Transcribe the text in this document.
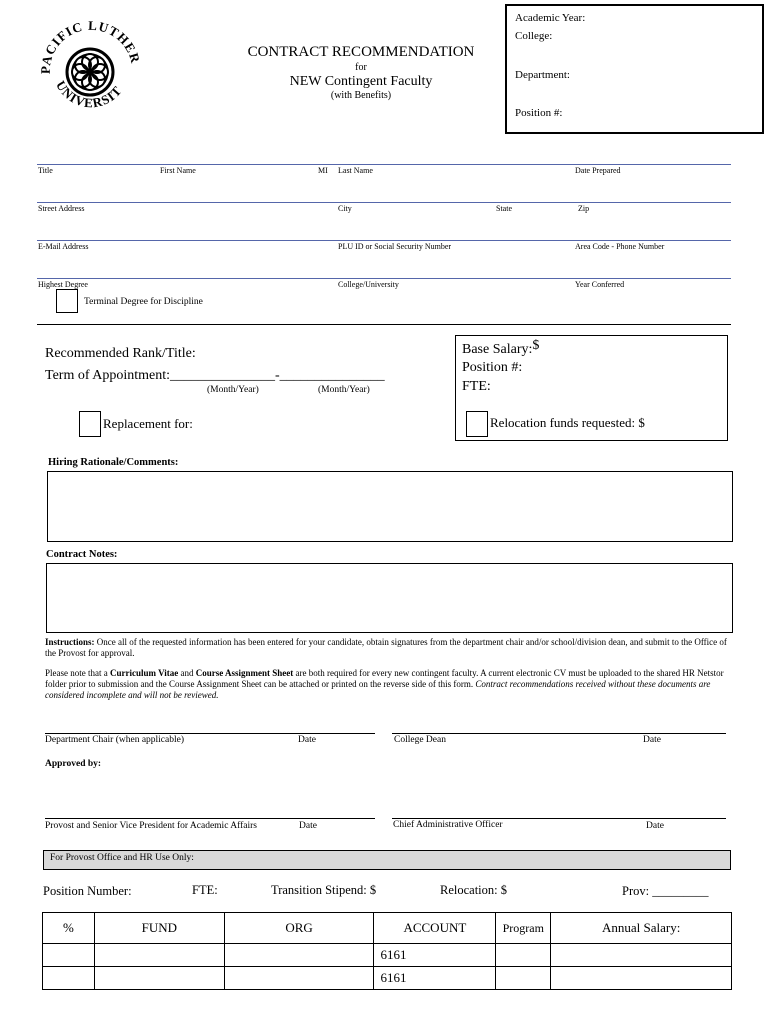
PACIFIC LUTHER
UNIVERSIT
CONTRACT RECOMMENDATION
for
NEW Contingent Faculty
(with Benefits)
Academic Year:
College:
Department:
Position #:
Title	First Name	MI Last Name	Date Prepared
Street Address	City	State	Zip
E-Mail Address	PLU ID or Social Security Number	Area Code - Phone Number
Highest Degree	College/University	Year Conferred
Terminal Degree for Discipline
Recommended Rank/Title:
Term of Appointment:_______________-_______________
(Month/Year)	(Month/Year)
Replacement for:
Base Salary:$
Position #:
FTE:
Relocation funds requested: $
Hiring Rationale/Comments:
Contract Notes:
Instructions: Once all of the requested information has been entered for your candidate, obtain signatures from the department chair and/or school/division dean, and submit to the Office of the Provost for approval.
Please note that a Curriculum Vitae and Course Assignment Sheet are both required for every new contingent faculty. A current electronic CV must be uploaded to the shared HR Netstor folder prior to submission and the Course Assignment Sheet can be attached or printed on the reverse side of this form. Contract recommendations received without these documents are considered incomplete and will not be reviewed.
Department Chair (when applicable)	Date	College Dean	Date
Approved by:
Provost and Senior Vice President for Academic Affairs	Date	Chief Administrative Officer	Date
For Provost Office and HR Use Only:
Position Number:	FTE:	Transition Stipend: $	Relocation: $	Prov: _________
%	FUND	ORG	ACCOUNT	Program	Annual Salary:
			6161		
			6161		
